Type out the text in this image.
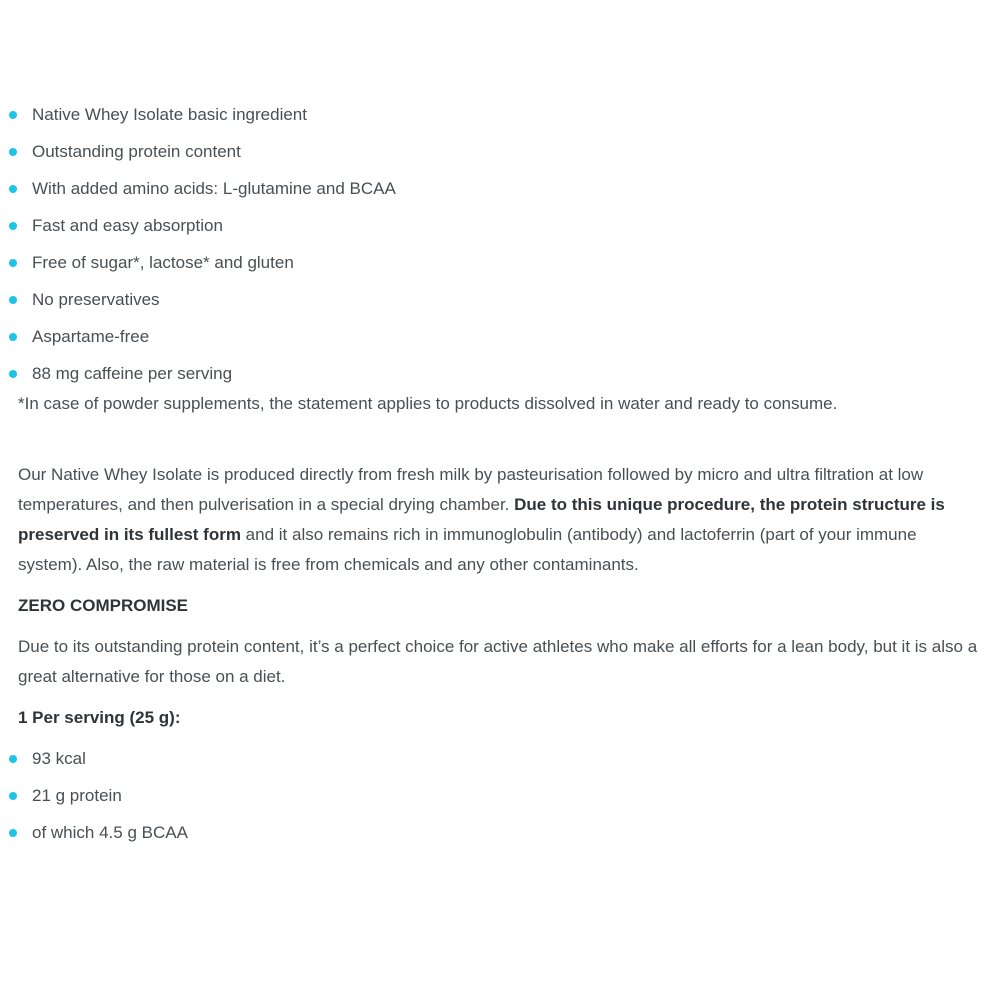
Native Whey Isolate basic ingredient
Outstanding protein content
With added amino acids: L-glutamine and BCAA
Fast and easy absorption
Free of sugar*, lactose* and gluten
No preservatives
Aspartame-free
88 mg caffeine per serving

*In case of powder supplements, the statement applies to products dissolved in water and ready to consume.

Our Native Whey Isolate is produced directly from fresh milk by pasteurisation followed by micro and ultra filtration at low temperatures, and then pulverisation in a special drying chamber. Due to this unique procedure, the protein structure is preserved in its fullest form and it also remains rich in immunoglobulin (antibody) and lactoferrin (part of your immune system). Also, the raw material is free from chemicals and any other contaminants.

ZERO COMPROMISE

Due to its outstanding protein content, it’s a perfect choice for active athletes who make all efforts for a lean body, but it is also a great alternative for those on a diet.

1 Per serving (25 g):

93 kcal
21 g protein
of which 4.5 g BCAA
